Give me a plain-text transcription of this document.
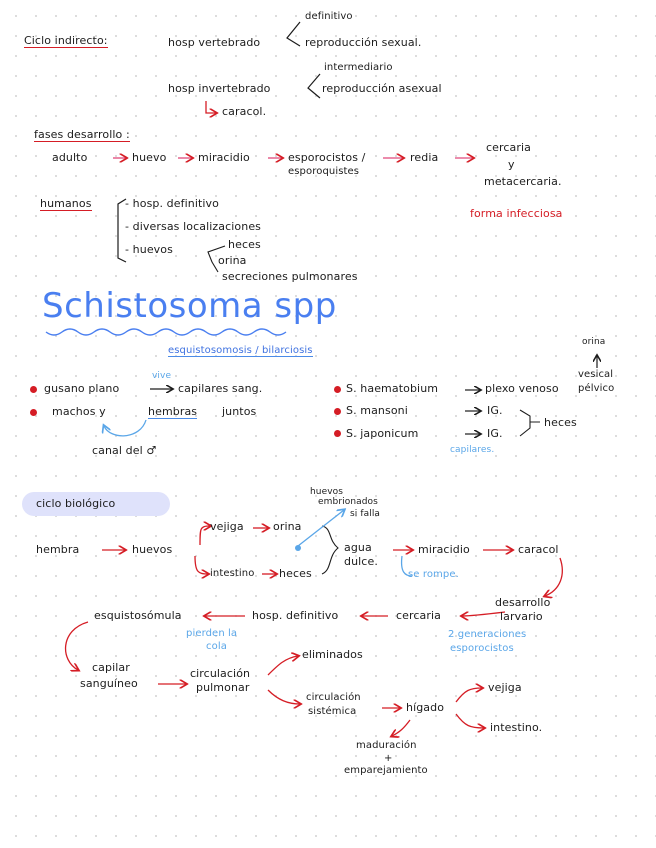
Ciclo indirecto:	hosp vertebrado
definitivo
reproducción sexual.
intermediario
hosp invertebrado	reproducción asexual
caracol.
fases desarrollo :
adulto	huevo	miracidio	esporocistos /
esporoquistes
redia
cercaria
y
metacercaria.
forma infecciosa
humanos	- hosp. definitivo
- diversas localizaciones
- huevos	heces
orina
secreciones pulmonares
Schistosoma spp
esquistosomosis / bilarciosis
gusano plano
vive
capilares sang.
machos y	hembras juntos
canal del ♂
S. haematobium	plexo venoso
S. mansoni	IG.
S. japonicum	IG.
capilares.
orina
vesical
pélvico
heces
ciclo biológico
hembra	huevos
vejiga	orina
intestino heces
huevos
embrionados
si falla
agua
dulce.
se rompe.
miracidio	caracol
desarrollo
larvario
cercaria
2 generaciones
esporocistos
hosp. definitivo
esquistosómula
pierden la
cola
capilar
sanguíneo
circulación
pulmonar
eliminados
circulación
sistémica	hígado
vejiga
intestino.
maduración
+
emparejamiento
